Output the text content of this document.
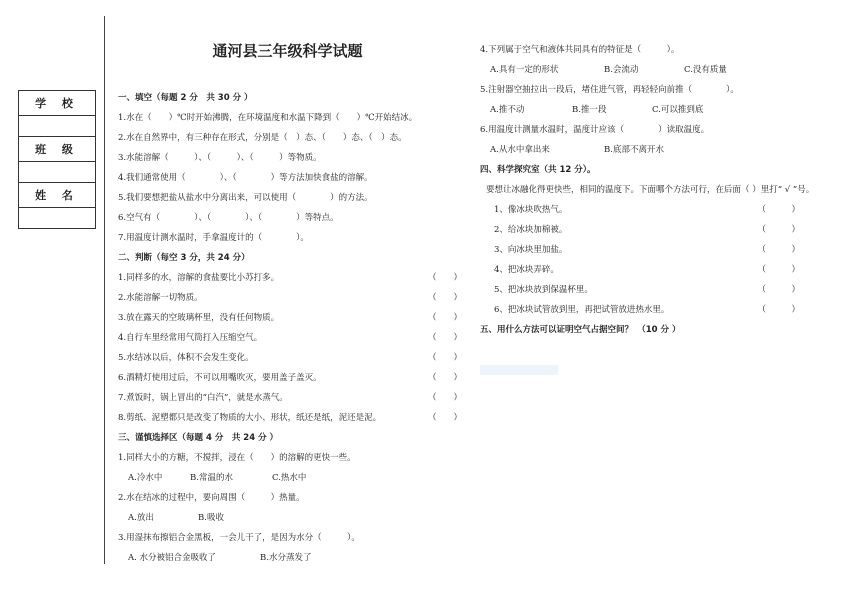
学 校

班 级

姓 名

通河县三年级科学试题
一、填空（每题 2 分　共 30 分 ）
1.水在（　　）℃时开始沸腾，在环境温度和水温下降到（　　）℃开始结冰。
2.水在自然界中，有三种存在形式，分别是（　）态、（　　）态、（　）态。
3.水能溶解（　　　）、（　　　）、（　　　）等物质。
4.我们通常使用（　　　　）、（　　　　）等方法加快食盐的溶解。
5.我们要想把盐从盐水中分离出来，可以使用（　　　　）的方法。
6.空气有（　　　　）、（　　　　）、（　　　　）等特点。
7.用温度计测水温时，手拿温度计的（　　　　）。
二、判断（每空 3 分，共 24 分）
1.同样多的水，溶解的食盐要比小苏打多。	（　　）
2.水能溶解一切物质。	（　　）
3.放在露天的空玻璃杯里，没有任何物质。	（　　）
4.自行车里经常用气筒打入压缩空气。	（　　）
5.水结冰以后，体积不会发生变化。	（　　）
6.酒精灯使用过后，不可以用嘴吹灭，要用盖子盖灭。	（　　）
7.煮饭时，锅上冒出的“白汽”，就是水蒸气。	（　　）
8.剪纸、泥塑都只是改变了物质的大小、形状，纸还是纸，泥还是泥。	（　　）
三、谨慎选择区（每题 4 分　共 24 分 ）
1.同样大小的方糖，不搅拌，浸在（　　）的溶解的更快一些。
A.冷水中	B.常温的水	C.热水中
2.水在结冰的过程中，要向周围（　　　）热量。
A.放出	B.吸收
3.用湿抹布擦铝合金黑板，一会儿干了，是因为水分（　　　）。
A. 水分被铝合金吸收了	B.水分蒸发了
4.下列属于空气和液体共同具有的特征是（　　　）。
A.具有一定的形状	B.会流动	C.没有质量
5.注射器空抽拉出一段后，堵住进气管，再轻轻向前推（　　　　）。
A.推不动	B.推一段	C.可以推到底
6.用温度计测量水温时，温度计应该（　　　　）读取温度。
A.从水中拿出来	B.底部不离开水
四、科学探究室（共 12 分）。
要想让冰融化得更快些，相同的温度下。下面哪个方法可行，在后面（ ）里打“ √ ”号。
1、像冰块吹热气。	（　　　）
2、给冰块加棉被。	（　　　）
3、向冰块里加盐。	（　　　）
4、把冰块弄碎。	（　　　）
5、把冰块放到保温杯里。	（　　　）
6、把冰块试管放到里，再把试管放进热水里。	（　　　）
五、用什么方法可以证明空气占据空间？　（10 分 ）
